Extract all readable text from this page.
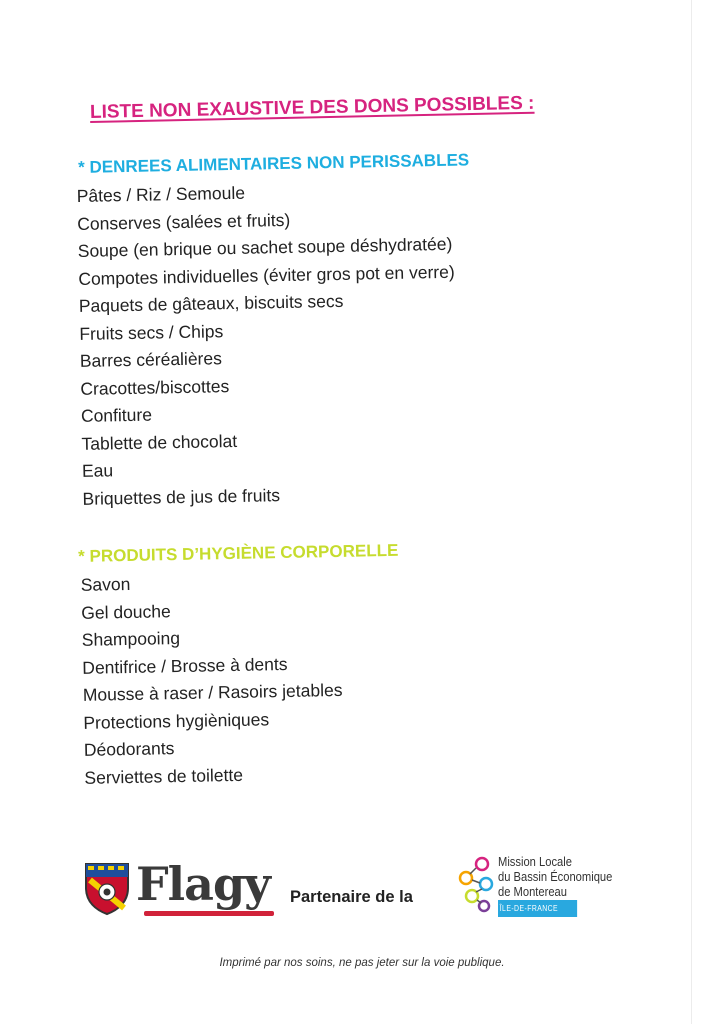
LISTE NON EXAUSTIVE DES DONS POSSIBLES :
* DENREES ALIMENTAIRES NON PERISSABLES
Pâtes / Riz / Semoule
Conserves (salées et fruits)
Soupe (en brique ou sachet soupe déshydratée)
Compotes individuelles (éviter gros pot en verre)
Paquets de gâteaux, biscuits secs
Fruits secs / Chips
Barres céréalières
Cracottes/biscottes
Confiture
Tablette de chocolat
Eau
Briquettes de jus de fruits
* PRODUITS D’HYGIÈNE CORPORELLE
Savon
Gel douche
Shampooing
Dentifrice / Brosse à dents
Mousse à raser / Rasoirs jetables
Protections hygièniques
Déodorants
Serviettes de toilette
Flagy Partenaire de la
Mission Locale
du Bassin Économique
de Montereau
ÎLE-DE-FRANCE
Imprimé par nos soins, ne pas jeter sur la voie publique.
